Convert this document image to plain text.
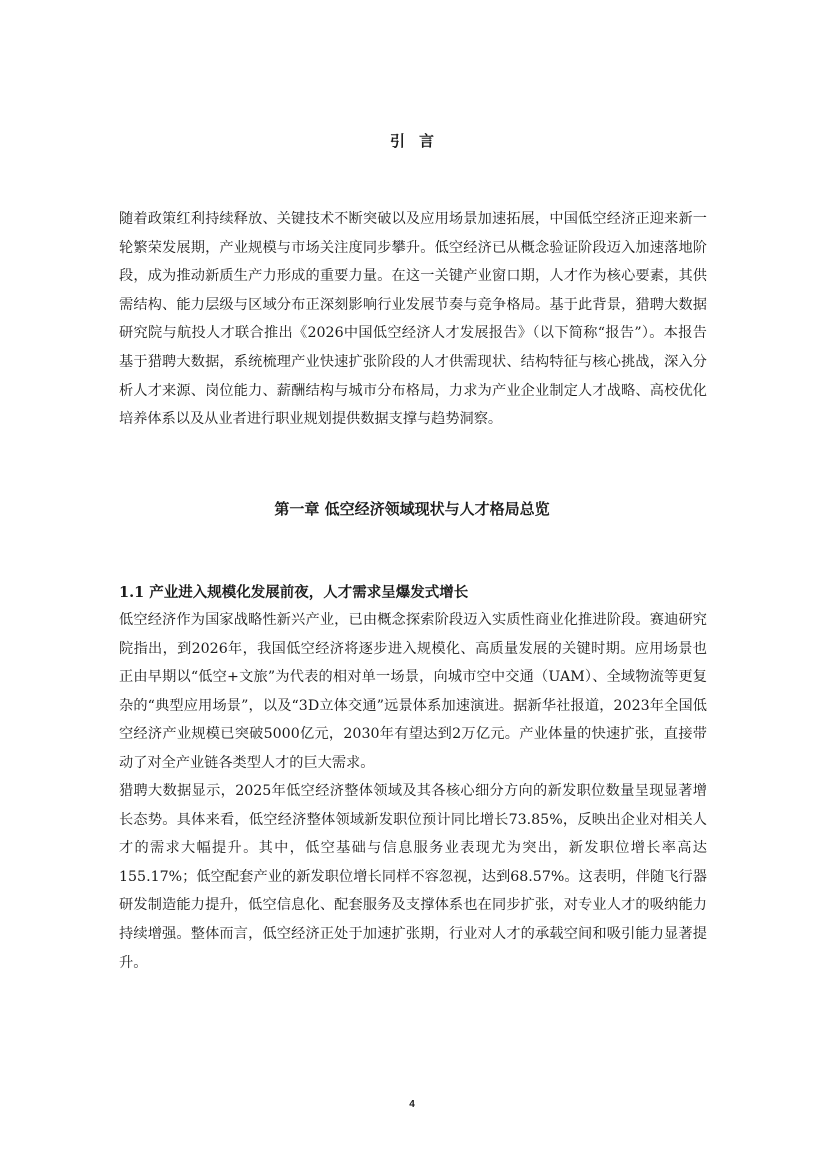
引言

随着政策红利持续释放、关键技术不断突破以及应用场景加速拓展，中国低空经济正迎来新一轮繁荣发展期，产业规模与市场关注度同步攀升。低空经济已从概念验证阶段迈入加速落地阶段，成为推动新质生产力形成的重要力量。在这一关键产业窗口期，人才作为核心要素，其供需结构、能力层级与区域分布正深刻影响行业发展节奏与竞争格局。基于此背景，猎聘大数据研究院与航投人才联合推出《2026中国低空经济人才发展报告》（以下简称“报告”）。本报告基于猎聘大数据，系统梳理产业快速扩张阶段的人才供需现状、结构特征与核心挑战，深入分析人才来源、岗位能力、薪酬结构与城市分布格局，力求为产业企业制定人才战略、高校优化培养体系以及从业者进行职业规划提供数据支撑与趋势洞察。

第一章 低空经济领域现状与人才格局总览
1.1 产业进入规模化发展前夜，人才需求呈爆发式增长

低空经济作为国家战略性新兴产业，已由概念探索阶段迈入实质性商业化推进阶段。赛迪研究院指出，到2026年，我国低空经济将逐步进入规模化、高质量发展的关键时期。应用场景也正由早期以“低空+文旅”为代表的相对单一场景，向城市空中交通（UAM）、全域物流等更复杂的“典型应用场景”，以及“3D立体交通”远景体系加速演进。据新华社报道，2023年全国低空经济产业规模已突破5000亿元，2030年有望达到2万亿元。产业体量的快速扩张，直接带动了对全产业链各类型人才的巨大需求。

猎聘大数据显示，2025年低空经济整体领域及其各核心细分方向的新发职位数量呈现显著增长态势。具体来看，低空经济整体领域新发职位预计同比增长73.85%，反映出企业对相关人才的需求大幅提升。其中，低空基础与信息服务业表现尤为突出，新发职位增长率高达155.17%；低空配套产业的新发职位增长同样不容忽视，达到68.57%。这表明，伴随飞行器研发制造能力提升，低空信息化、配套服务及支撑体系也在同步扩张，对专业人才的吸纳能力持续增强。整体而言，低空经济正处于加速扩张期，行业对人才的承载空间和吸引能力显著提升。

4
